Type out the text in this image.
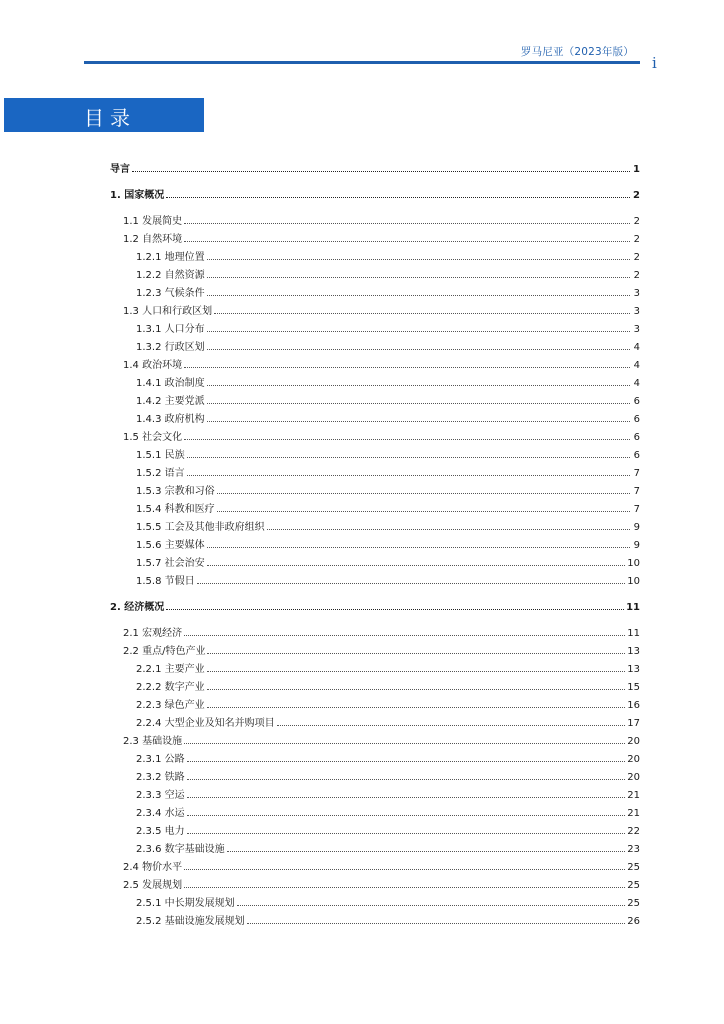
罗马尼亚（2023年版）
i
目录
导言	1
1. 国家概况	2
1.1 发展简史	2
1.2 自然环境	2
1.2.1 地理位置	2
1.2.2 自然资源	2
1.2.3 气候条件	3
1.3 人口和行政区划	3
1.3.1 人口分布	3
1.3.2 行政区划	4
1.4 政治环境	4
1.4.1 政治制度	4
1.4.2 主要党派	6
1.4.3 政府机构	6
1.5 社会文化	6
1.5.1 民族	6
1.5.2 语言	7
1.5.3 宗教和习俗	7
1.5.4 科教和医疗	7
1.5.5 工会及其他非政府组织	9
1.5.6 主要媒体	9
1.5.7 社会治安	10
1.5.8 节假日	10
2. 经济概况	11
2.1 宏观经济	11
2.2 重点/特色产业	13
2.2.1 主要产业	13
2.2.2 数字产业	15
2.2.3 绿色产业	16
2.2.4 大型企业及知名并购项目	17
2.3 基础设施	20
2.3.1 公路	20
2.3.2 铁路	20
2.3.3 空运	21
2.3.4 水运	21
2.3.5 电力	22
2.3.6 数字基础设施	23
2.4 物价水平	25
2.5 发展规划	25
2.5.1 中长期发展规划	25
2.5.2 基础设施发展规划	26
